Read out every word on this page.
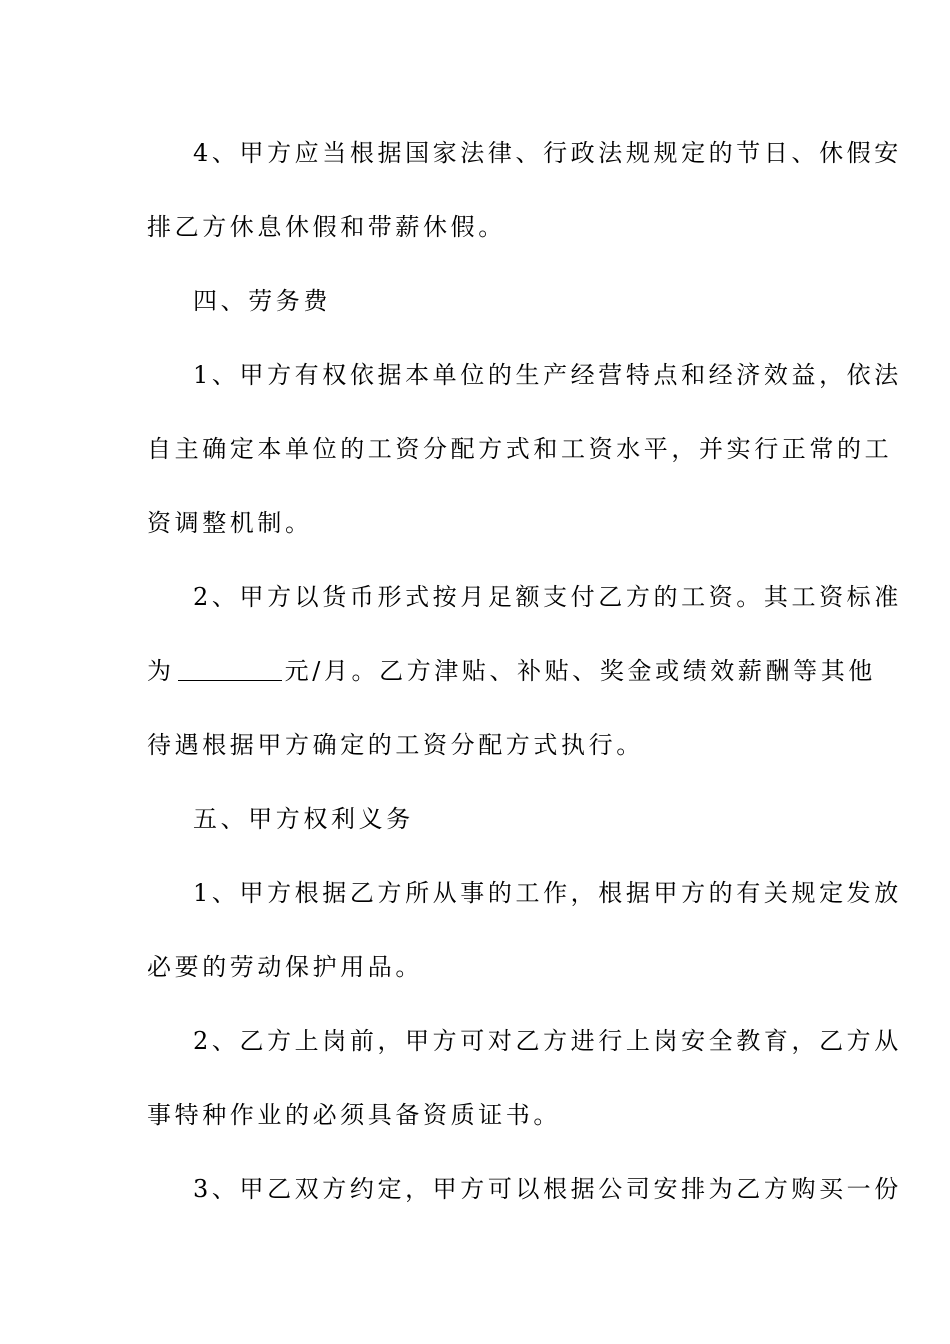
4、甲方应当根据国家法律、行政法规规定的节日、休假安
排乙方休息休假和带薪休假。
四、劳务费
1、甲方有权依据本单位的生产经营特点和经济效益，依法
自主确定本单位的工资分配方式和工资水平，并实行正常的工
资调整机制。
2、甲方以货币形式按月足额支付乙方的工资。其工资标准
为	元/月。乙方津贴、补贴、奖金或绩效薪酬等其他
待遇根据甲方确定的工资分配方式执行。
五、甲方权利义务
1、甲方根据乙方所从事的工作，根据甲方的有关规定发放
必要的劳动保护用品。
2、乙方上岗前，甲方可对乙方进行上岗安全教育，乙方从
事特种作业的必须具备资质证书。
3、甲乙双方约定，甲方可以根据公司安排为乙方购买一份
